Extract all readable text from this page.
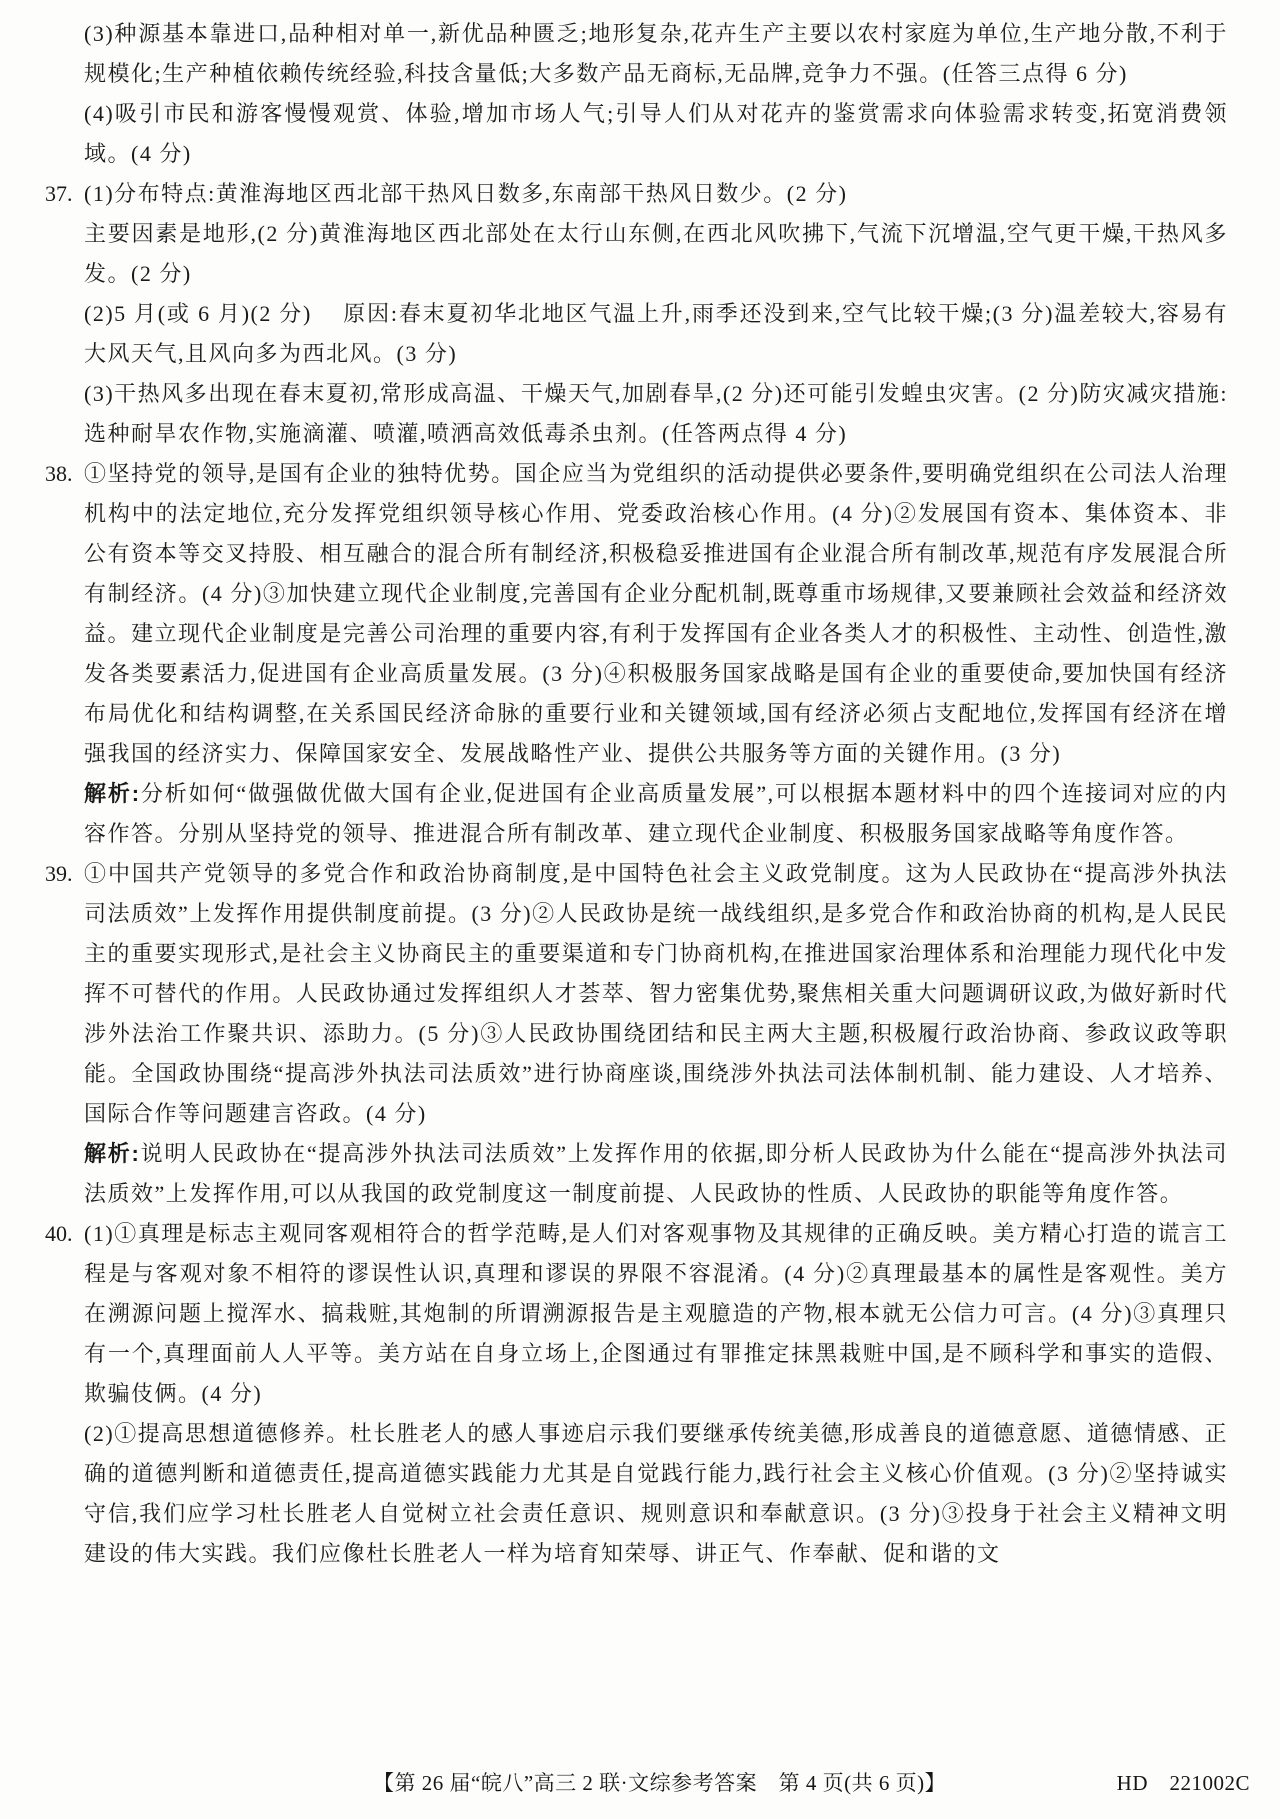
(3)种源基本靠进口,品种相对单一,新优品种匮乏;地形复杂,花卉生产主要以农村家庭为单位,生产地分散,不利于规模化;生产种植依赖传统经验,科技含量低;大多数产品无商标,无品牌,竞争力不强。(任答三点得 6 分)

(4)吸引市民和游客慢慢观赏、体验,增加市场人气;引导人们从对花卉的鉴赏需求向体验需求转变,拓宽消费领域。(4 分)

37. (1)分布特点:黄淮海地区西北部干热风日数多,东南部干热风日数少。(2 分)

主要因素是地形,(2 分)黄淮海地区西北部处在太行山东侧,在西北风吹拂下,气流下沉增温,空气更干燥,干热风多发。(2 分)

(2)5 月(或 6 月)(2 分)　 原因:春末夏初华北地区气温上升,雨季还没到来,空气比较干燥;(3 分)温差较大,容易有大风天气,且风向多为西北风。(3 分)

(3)干热风多出现在春末夏初,常形成高温、干燥天气,加剧春旱,(2 分)还可能引发蝗虫灾害。(2 分)防灾减灾措施:选种耐旱农作物,实施滴灌、喷灌,喷洒高效低毒杀虫剂。(任答两点得 4 分)

38. ①坚持党的领导,是国有企业的独特优势。国企应当为党组织的活动提供必要条件,要明确党组织在公司法人治理机构中的法定地位,充分发挥党组织领导核心作用、党委政治核心作用。(4 分)②发展国有资本、集体资本、非公有资本等交叉持股、相互融合的混合所有制经济,积极稳妥推进国有企业混合所有制改革,规范有序发展混合所有制经济。(4 分)③加快建立现代企业制度,完善国有企业分配机制,既尊重市场规律,又要兼顾社会效益和经济效益。建立现代企业制度是完善公司治理的重要内容,有利于发挥国有企业各类人才的积极性、主动性、创造性,激发各类要素活力,促进国有企业高质量发展。(3 分)④积极服务国家战略是国有企业的重要使命,要加快国有经济布局优化和结构调整,在关系国民经济命脉的重要行业和关键领域,国有经济必须占支配地位,发挥国有经济在增强我国的经济实力、保障国家安全、发展战略性产业、提供公共服务等方面的关键作用。(3 分)

解析:分析如何“做强做优做大国有企业,促进国有企业高质量发展”,可以根据本题材料中的四个连接词对应的内容作答。分别从坚持党的领导、推进混合所有制改革、建立现代企业制度、积极服务国家战略等角度作答。

39. ①中国共产党领导的多党合作和政治协商制度,是中国特色社会主义政党制度。这为人民政协在“提高涉外执法司法质效”上发挥作用提供制度前提。(3 分)②人民政协是统一战线组织,是多党合作和政治协商的机构,是人民民主的重要实现形式,是社会主义协商民主的重要渠道和专门协商机构,在推进国家治理体系和治理能力现代化中发挥不可替代的作用。人民政协通过发挥组织人才荟萃、智力密集优势,聚焦相关重大问题调研议政,为做好新时代涉外法治工作聚共识、添助力。(5 分)③人民政协围绕团结和民主两大主题,积极履行政治协商、参政议政等职能。全国政协围绕“提高涉外执法司法质效”进行协商座谈,围绕涉外执法司法体制机制、能力建设、人才培养、国际合作等问题建言咨政。(4 分)

解析:说明人民政协在“提高涉外执法司法质效”上发挥作用的依据,即分析人民政协为什么能在“提高涉外执法司法质效”上发挥作用,可以从我国的政党制度这一制度前提、人民政协的性质、人民政协的职能等角度作答。

40. (1)①真理是标志主观同客观相符合的哲学范畴,是人们对客观事物及其规律的正确反映。美方精心打造的谎言工程是与客观对象不相符的谬误性认识,真理和谬误的界限不容混淆。(4 分)②真理最基本的属性是客观性。美方在溯源问题上搅浑水、搞栽赃,其炮制的所谓溯源报告是主观臆造的产物,根本就无公信力可言。(4 分)③真理只有一个,真理面前人人平等。美方站在自身立场上,企图通过有罪推定抹黑栽赃中国,是不顾科学和事实的造假、欺骗伎俩。(4 分)

(2)①提高思想道德修养。杜长胜老人的感人事迹启示我们要继承传统美德,形成善良的道德意愿、道德情感、正确的道德判断和道德责任,提高道德实践能力尤其是自觉践行能力,践行社会主义核心价值观。(3 分)②坚持诚实守信,我们应学习杜长胜老人自觉树立社会责任意识、规则意识和奉献意识。(3 分)③投身于社会主义精神文明建设的伟大实践。我们应像杜长胜老人一样为培育知荣辱、讲正气、作奉献、促和谐的文

【第 26 届“皖八”高三 2 联·文综参考答案　第 4 页(共 6 页)】	HD　221002C
